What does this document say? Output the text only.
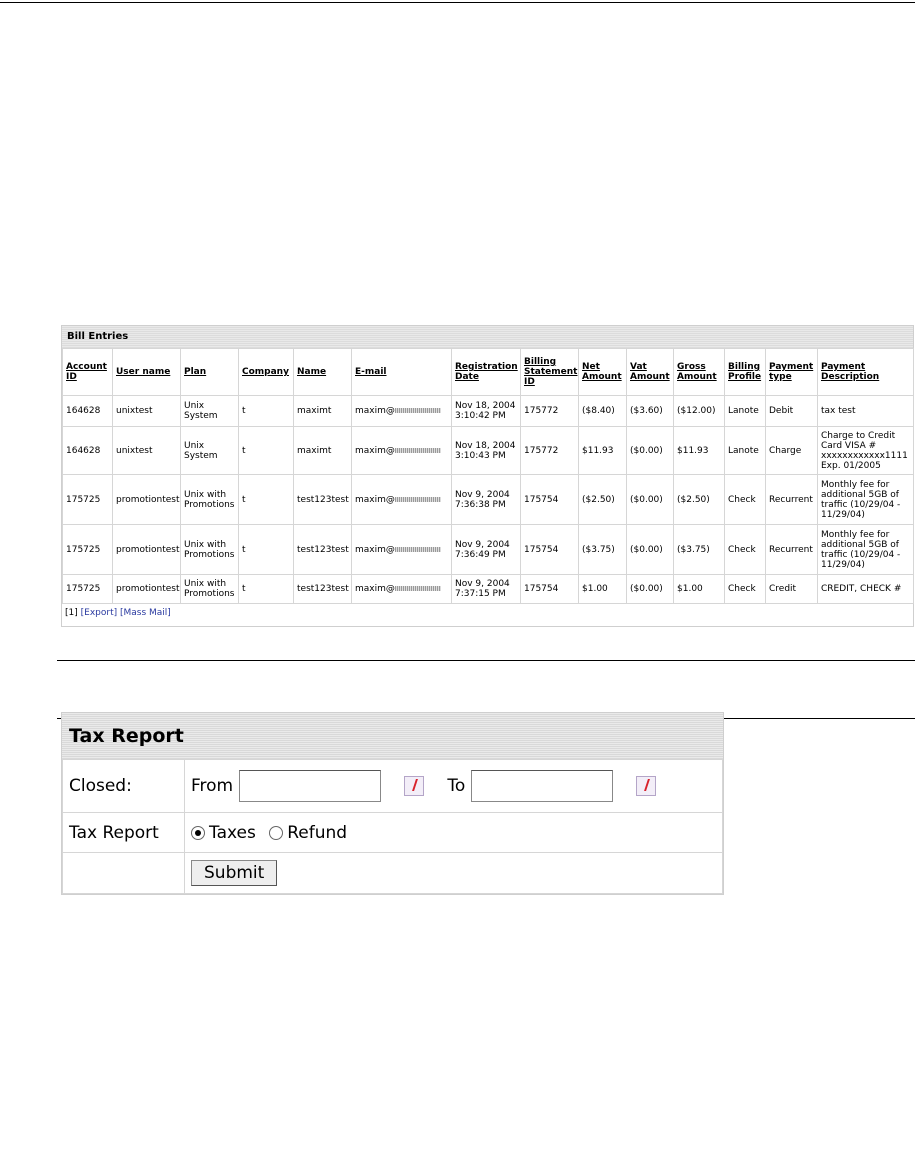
Bill Entries
Account ID	User name	Plan	Company	Name	E-mail	Registration Date	Billing Statement ID	Net Amount	Vat Amount	Gross Amount	Billing Profile	Payment type	Payment Description
164628	unixtest	Unix System	t	maximt	maxim@	Nov 18, 2004 3:10:42 PM	175772	($8.40)	($3.60)	($12.00)	Lanote	Debit	tax test
164628	unixtest	Unix System	t	maximt	maxim@	Nov 18, 2004 3:10:43 PM	175772	$11.93	($0.00)	$11.93	Lanote	Charge	Charge to Credit Card VISA # xxxxxxxxxxxx1111 Exp. 01/2005
175725	promotiontest	Unix with Promotions	t	test123test	maxim@	Nov 9, 2004 7:36:38 PM	175754	($2.50)	($0.00)	($2.50)	Check	Recurrent	Monthly fee for additional 5GB of traffic (10/29/04 - 11/29/04)
175725	promotiontest	Unix with Promotions	t	test123test	maxim@	Nov 9, 2004 7:36:49 PM	175754	($3.75)	($0.00)	($3.75)	Check	Recurrent	Monthly fee for additional 5GB of traffic (10/29/04 - 11/29/04)
175725	promotiontest	Unix with Promotions	t	test123test	maxim@	Nov 9, 2004 7:37:15 PM	175754	$1.00	($0.00)	$1.00	Check	Credit	CREDIT, CHECK #
[1] [Export] [Mass Mail]
Tax Report
Closed:	From To
Tax Report	Taxes Refund
	Submit
